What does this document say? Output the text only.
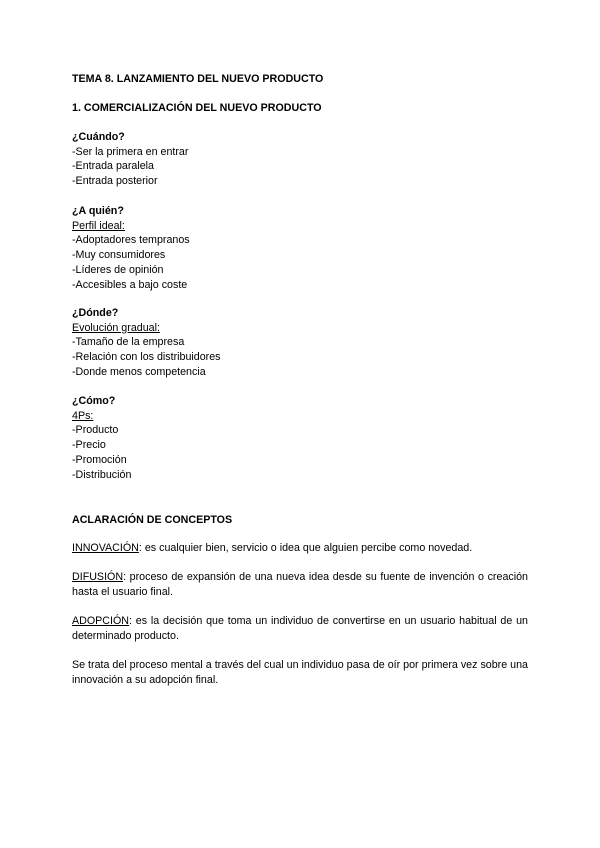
TEMA 8. LANZAMIENTO DEL NUEVO PRODUCTO
1. COMERCIALIZACIÓN DEL NUEVO PRODUCTO
¿Cuándo?
-Ser la primera en entrar
-Entrada paralela
-Entrada posterior
¿A quién?
Perfil ideal:
-Adoptadores tempranos
-Muy consumidores
-Líderes de opinión
-Accesibles a bajo coste
¿Dónde?
Evolución gradual:
-Tamaño de la empresa
-Relación con los distribuidores
-Donde menos competencia
¿Cómo?
4Ps:
-Producto
-Precio
-Promoción
-Distribución
ACLARACIÓN DE CONCEPTOS

INNOVACIÓN: es cualquier bien, servicio o idea que alguien percibe como novedad.

DIFUSIÓN: proceso de expansión de una nueva idea desde su fuente de invención o creación hasta el usuario final.

ADOPCIÓN: es la decisión que toma un individuo de convertirse en un usuario habitual de un determinado producto.

Se trata del proceso mental a través del cual un individuo pasa de oír por primera vez sobre una innovación a su adopción final.
